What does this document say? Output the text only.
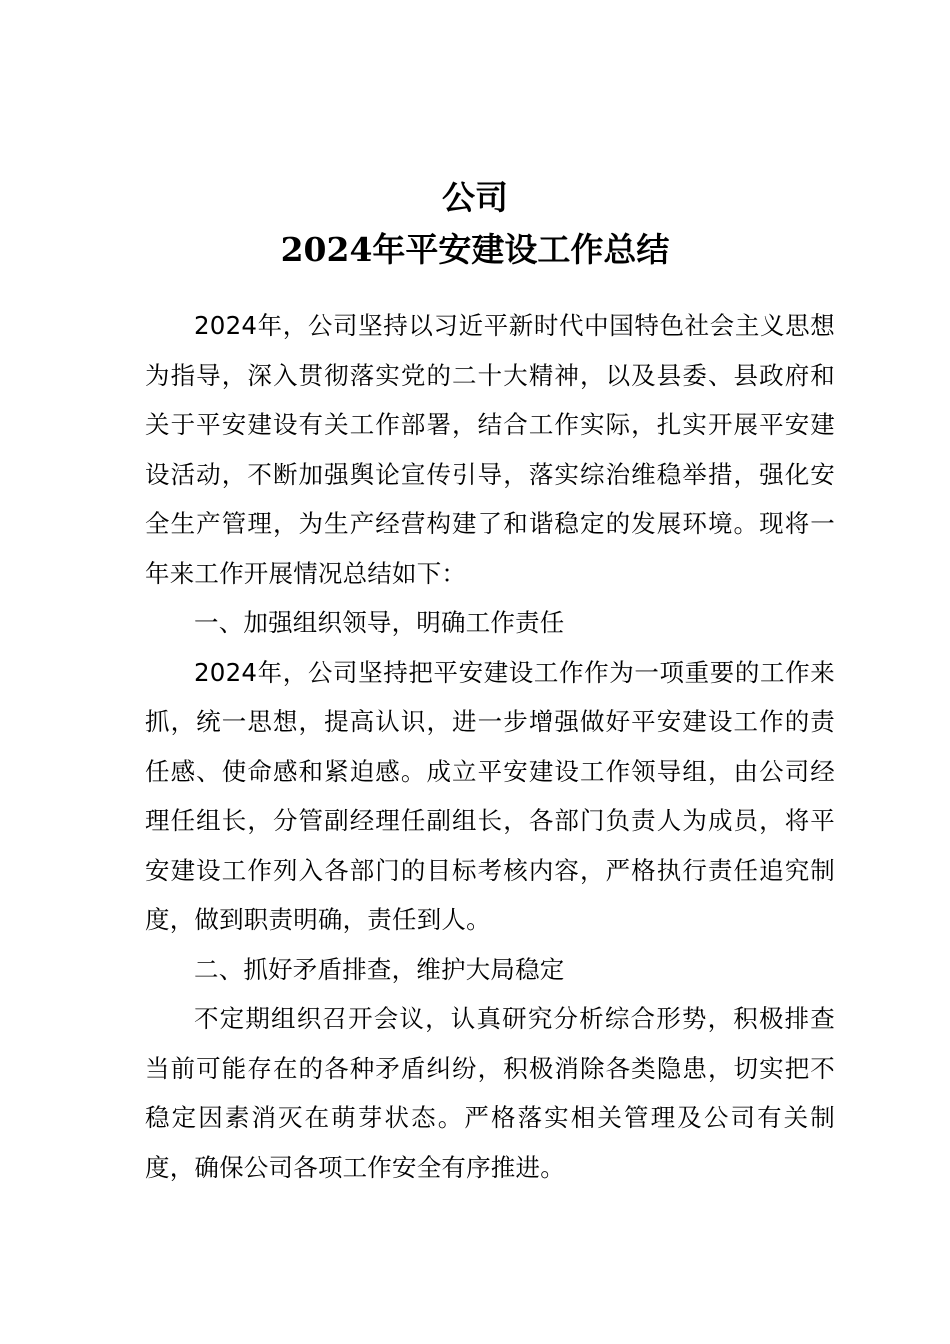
公司
2024年平安建设工作总结

2024年，公司坚持以习近平新时代中国特色社会主义思想为指导，深入贯彻落实党的二十大精神，以及县委、县政府和关于平安建设有关工作部署，结合工作实际，扎实开展平安建设活动，不断加强舆论宣传引导，落实综治维稳举措，强化安全生产管理，为生产经营构建了和谐稳定的发展环境。现将一年来工作开展情况总结如下：

一、加强组织领导，明确工作责任

2024年，公司坚持把平安建设工作作为一项重要的工作来抓，统一思想，提高认识，进一步增强做好平安建设工作的责任感、使命感和紧迫感。成立平安建设工作领导组，由公司经理任组长，分管副经理任副组长，各部门负责人为成员，将平安建设工作列入各部门的目标考核内容，严格执行责任追究制度，做到职责明确，责任到人。

二、抓好矛盾排查，维护大局稳定

不定期组织召开会议，认真研究分析综合形势，积极排查当前可能存在的各种矛盾纠纷，积极消除各类隐患，切实把不稳定因素消灭在萌芽状态。严格落实相关管理及公司有关制度，确保公司各项工作安全有序推进。
